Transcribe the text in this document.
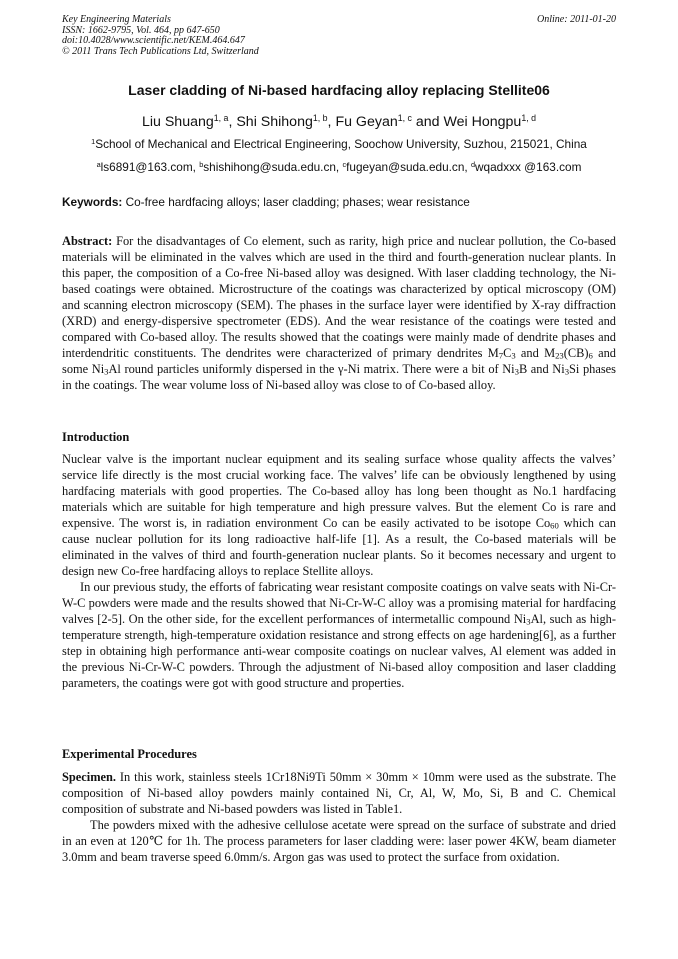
Key Engineering Materials
ISSN: 1662-9795, Vol. 464, pp 647-650
doi:10.4028/www.scientific.net/KEM.464.647
© 2011 Trans Tech Publications Ltd, Switzerland
Online: 2011-01-20
Laser cladding of Ni-based hardfacing alloy replacing Stellite06
Liu Shuang$^{1, a}$, Shi Shihong$^{1, b}$, Fu Geyan$^{1, c}$ and Wei Hongpu$^{1, d}$
$^1$School of Mechanical and Electrical Engineering, Soochow University, Suzhou, 215021, China
$^a$ls6891@163.com, $^b$shishihong@suda.edu.cn, $^c$fugeyan@suda.edu.cn, $^d$wqadxxx @163.com
Keywords: Co-free hardfacing alloys; laser cladding; phases; wear resistance

Abstract: For the disadvantages of Co element, such as rarity, high price and nuclear pollution, the Co-based materials will be eliminated in the valves which are used in the third and fourth-generation nuclear plants. In this paper, the composition of a Co-free Ni-based alloy was designed. With laser cladding technology, the Ni-based coatings were obtained. Microstructure of the coatings was characterized by optical microscopy (OM) and scanning electron microscopy (SEM). The phases in the surface layer were identified by X-ray diffraction (XRD) and energy-dispersive spectrometer (EDS). And the wear resistance of the coatings were tested and compared with Co-based alloy. The results showed that the coatings were mainly made of dendrite phases and interdendritic constituents. The dendrites were characterized of primary dendrites $M_7C_3$ and $M_{23}(CB)_6$ and some $Ni_3Al$ round particles uniformly dispersed in the γ-Ni matrix. There were a bit of $Ni_3B$ and $Ni_3Si$ phases in the coatings. The wear volume loss of Ni-based alloy was close to of Co-based alloy.

Introduction

Nuclear valve is the important nuclear equipment and its sealing surface whose quality affects the valves’ service life directly is the most crucial working face. The valves’ life can be obviously lengthened by using hardfacing materials with good properties. The Co-based alloy has long been thought as No.1 hardfacing materials which are suitable for high temperature and high pressure valves. But the element Co is rare and expensive. The worst is, in radiation environment Co can be easily activated to be isotope $Co_{60}$ which can cause nuclear pollution for its long radioactive half-life [1]. As a result, the Co-based materials will be eliminated in the valves of third and fourth-generation nuclear plants. So it becomes necessary and urgent to design new Co-free hardfacing alloys to replace Stellite alloys.

In our previous study, the efforts of fabricating wear resistant composite coatings on valve seats with Ni-Cr-W-C powders were made and the results showed that Ni-Cr-W-C alloy was a promising material for hardfacing valves [2-5]. On the other side, for the excellent performances of intermetallic compound $Ni_3Al$, such as high-temperature strength, high-temperature oxidation resistance and strong effects on age hardening[6], as a further step in obtaining high performance anti-wear composite coatings on nuclear valves, Al element was added in the previous Ni-Cr-W-C powders. Through the adjustment of Ni-based alloy composition and laser cladding parameters, the coatings were got with good structure and properties.

Experimental Procedures

Specimen. In this work, stainless steels 1Cr18Ni9Ti 50mm × 30mm × 10mm were used as the substrate. The composition of Ni-based alloy powders mainly contained Ni, Cr, Al, W, Mo, Si, B and C. Chemical composition of substrate and Ni-based powders was listed in Table1.

The powders mixed with the adhesive cellulose acetate were spread on the surface of substrate and dried in an even at 120℃ for 1h. The process parameters for laser cladding were: laser power 4KW, beam diameter 3.0mm and beam traverse speed 6.0mm/s. Argon gas was used to protect the surface from oxidation.
